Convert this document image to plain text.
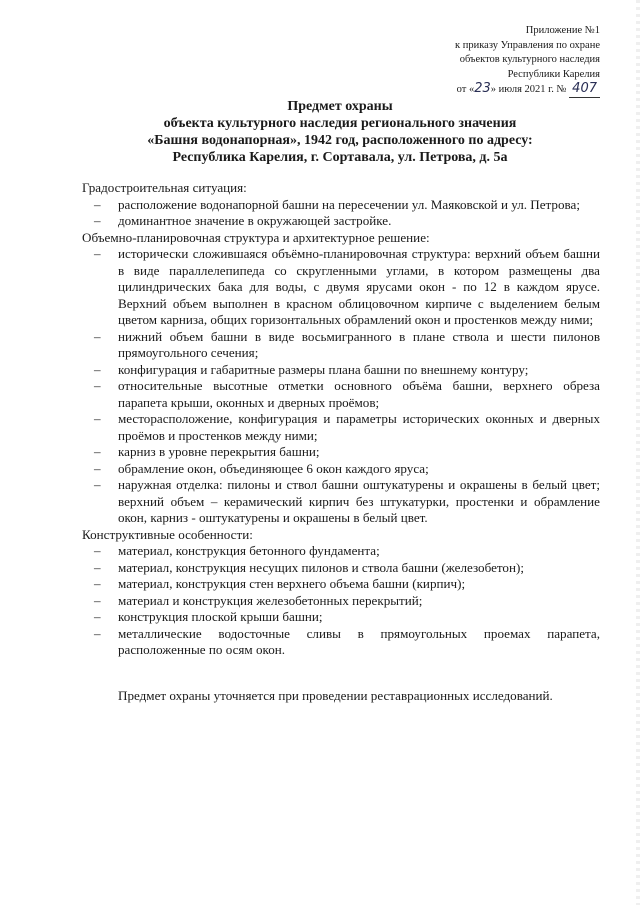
Приложение №1
к приказу Управления по охране
объектов культурного наследия
Республики Карелия
от «23» июля 2021 г. № 407
Предмет охраны
объекта культурного наследия регионального значения
«Башня водонапорная», 1942 год, расположенного по адресу:
Республика Карелия, г. Сортавала, ул. Петрова, д. 5а
Градостроительная ситуация:
– расположение водонапорной башни на пересечении ул. Маяковской и ул. Петрова;
– доминантное значение в окружающей застройке.
Объемно-планировочная структура и архитектурное решение:
– исторически сложившаяся объёмно-планировочная структура: верхний объем башни в виде параллелепипеда со скругленными углами, в котором размещены два цилиндрических бака для воды, с двумя ярусами окон - по 12 в каждом ярусе. Верхний объем выполнен в красном облицовочном кирпиче с выделением белым цветом карниза, общих горизонтальных обрамлений окон и простенков между ними;
– нижний объем башни в виде восьмигранного в плане ствола и шести пилонов прямоугольного сечения;
– конфигурация и габаритные размеры плана башни по внешнему контуру;
– относительные высотные отметки основного объёма башни, верхнего обреза парапета крыши, оконных и дверных проёмов;
– месторасположение, конфигурация и параметры исторических оконных и дверных проёмов и простенков между ними;
– карниз в уровне перекрытия башни;
– обрамление окон, объединяющее 6 окон каждого яруса;
– наружная отделка: пилоны и ствол башни оштукатурены и окрашены в белый цвет; верхний объем – керамический кирпич без штукатурки, простенки и обрамление окон, карниз - оштукатурены и окрашены в белый цвет.
Конструктивные особенности:
– материал, конструкция бетонного фундамента;
– материал, конструкция несущих пилонов и ствола башни (железобетон);
– материал, конструкция стен верхнего объема башни (кирпич);
– материал и конструкция железобетонных перекрытий;
– конструкция плоской крыши башни;
– металлические водосточные сливы в прямоугольных проемах парапета, расположенные по осям окон.
Предмет охраны уточняется при проведении реставрационных исследований.
